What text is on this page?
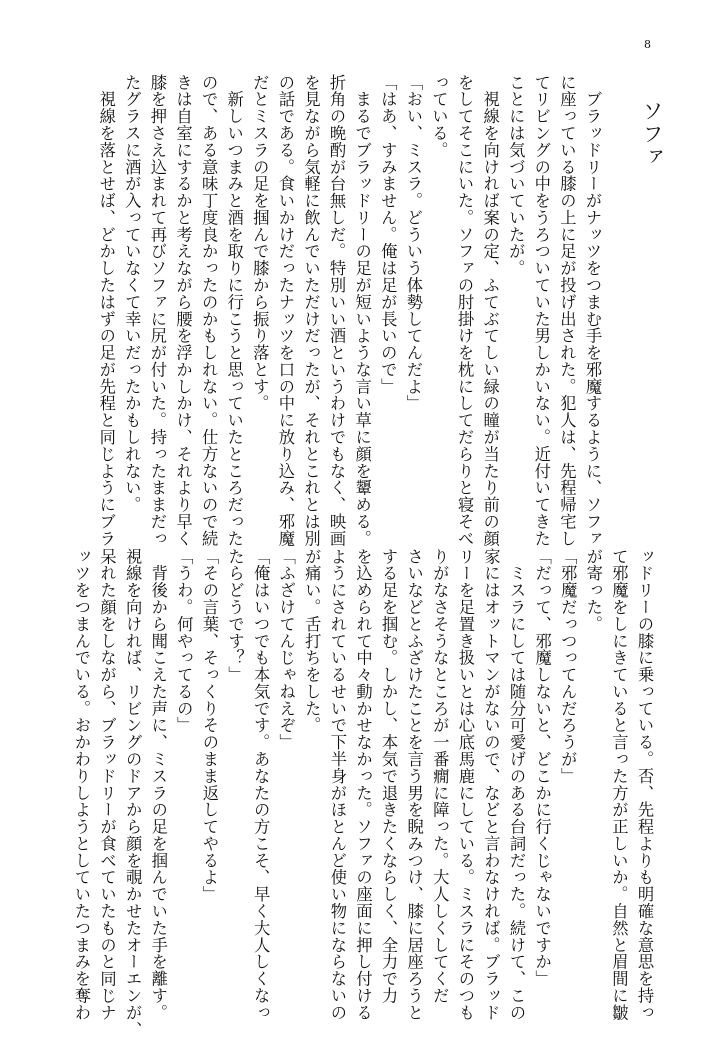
8
ソファ
　ブラッドリーがナッツをつまむ手を邪魔するように、ソファ
に座っている膝の上に足が投げ出された。犯人は、先程帰宅し
てリビングの中をうろついていた男しかいない。近付いてきた
ことには気づいていたが。
　視線を向ければ案の定、ふてぶてしい緑の瞳が当たり前の顔
をしてそこにいた。ソファの肘掛けを枕にしてだらりと寝そべ
っている。
「おい、ミスラ。どういう体勢してんだよ」
「はあ、すみません。俺は足が長いので」
　まるでブラッドリーの足が短いような言い草に顔を顰める。
折角の晩酌が台無しだ。特別いい酒というわけでもなく、映画
を見ながら気軽に飲んでいただけだったが、それとこれとは別
の話である。食いかけだったナッツを口の中に放り込み、邪魔
だとミスラの足を掴んで膝から振り落とす。
　新しいつまみと酒を取りに行こうと思っていたところだった
ので、ある意味丁度良かったのかもしれない。仕方ないので続
きは自室にするかと考えながら腰を浮かしかけ、それより早く
膝を押さえ込まれて再びソファに尻が付いた。持ったままだっ
たグラスに酒が入っていなくて幸いだったかもしれない。
　視線を落とせば、どかしたはずの足が先程と同じようにブラ
ッドリーの膝に乗っている。否、先程よりも明確な意思を持っ
て邪魔をしにきていると言った方が正しいか。自然と眉間に皺
が寄った。
「邪魔だっつってんだろうが」
「だって、邪魔しないと、どこかに行くじゃないですか」
　ミスラにしては随分可愛げのある台詞だった。続けて、この
家にはオットマンがないので、などと言わなければ。ブラッド
リーを足置き扱いとは心底馬鹿にしている。ミスラにそのつも
りがなさそうなところが一番癇に障った。大人しくしてくだ
さいなどとふざけたことを言う男を睨みつけ、膝に居座ろうと
する足を掴む。しかし、本気で退きたくならしく、全力で力
を込められて中々動かせなかった。ソファの座面に押し付ける
ようにされているせいで下半身がほとんど使い物にならないの
が痛い。舌打ちをした。
「ふざけてんじゃねえぞ」
「俺はいつでも本気です。あなたの方こそ、早く大人しくなっ
たらどうです？」
「その言葉、そっくりそのまま返してやるよ」
「うわ。何やってるの」
　背後から聞こえた声に、ミスラの足を掴んでいた手を離す。
視線を向ければ、リビングのドアから顔を覗かせたオーエンが、
呆れた顔をしながら、ブラッドリーが食べていたものと同じナ
ッツをつまんでいる。おかわりしようとしていたつまみを奪わ
